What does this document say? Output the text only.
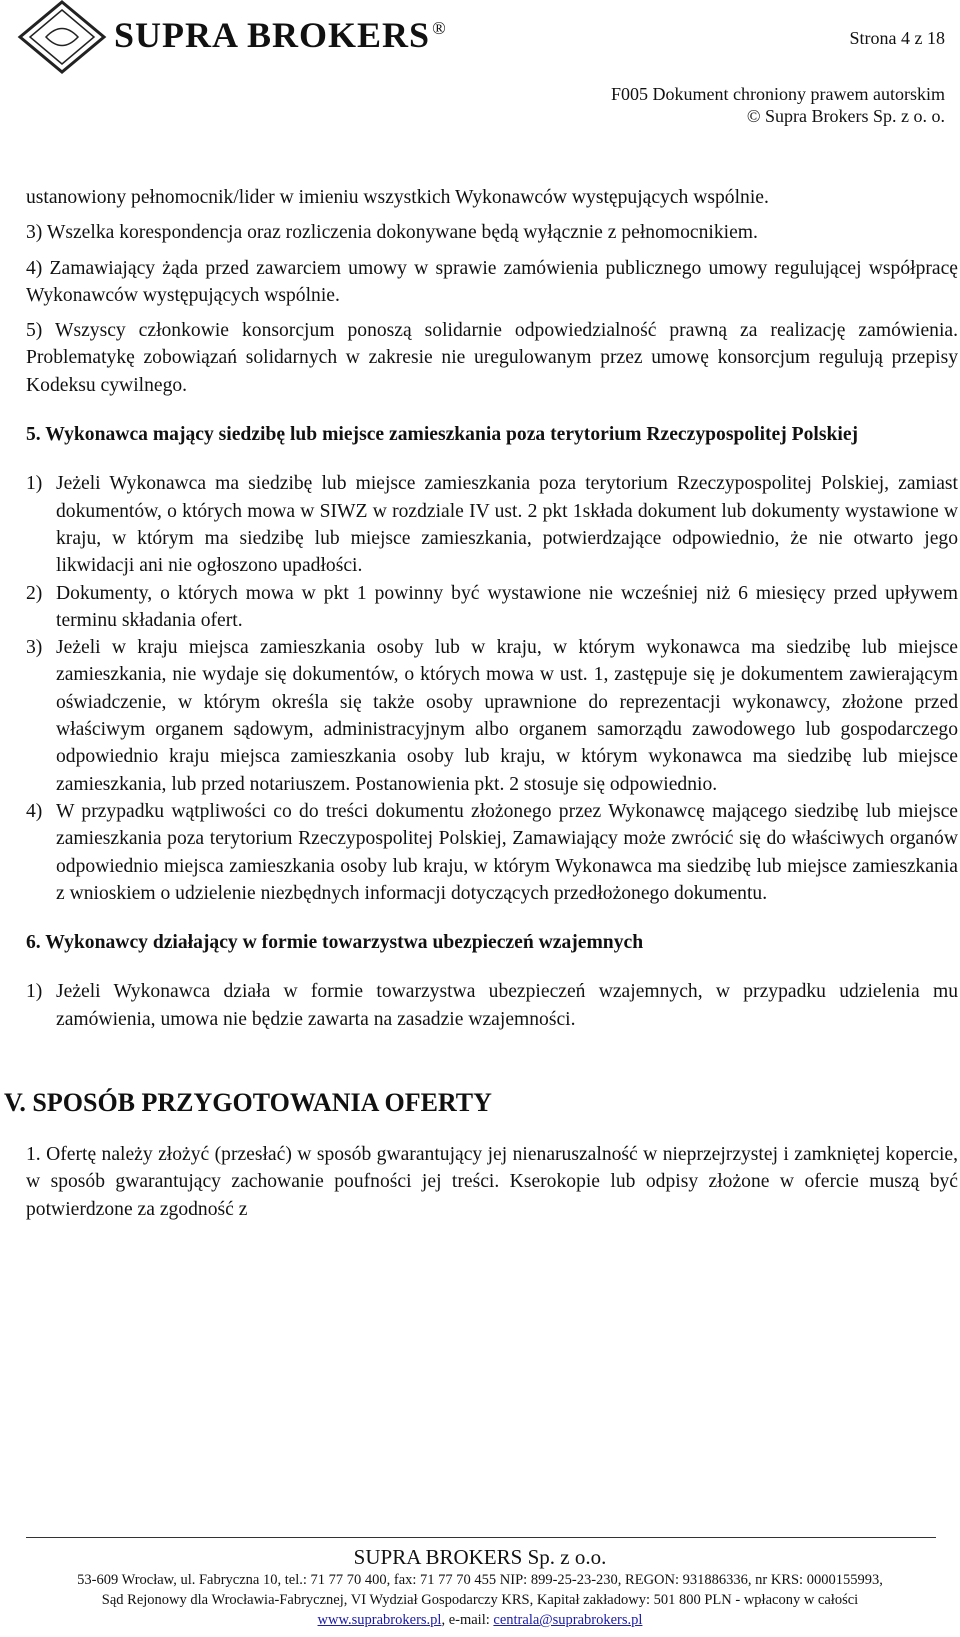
SUPRA BROKERS ®	Strona 4 z 18
F005 Dokument chroniony prawem autorskim
© Supra Brokers Sp. z o. o.

ustanowiony pełnomocnik/lider w imieniu wszystkich Wykonawców występujących wspólnie.

3) Wszelka korespondencja oraz rozliczenia dokonywane będą wyłącznie z pełnomocnikiem.

4) Zamawiający żąda przed zawarciem umowy w sprawie zamówienia publicznego umowy regulującej współpracę Wykonawców występujących wspólnie.

5) Wszyscy członkowie konsorcjum ponoszą solidarnie odpowiedzialność prawną za realizację zamówienia. Problematykę zobowiązań solidarnych w zakresie nie uregulowanym przez umowę konsorcjum regulują przepisy Kodeksu cywilnego.

5. Wykonawca mający siedzibę lub miejsce zamieszkania poza terytorium Rzeczypospolitej Polskiej
1) Jeżeli Wykonawca ma siedzibę lub miejsce zamieszkania poza terytorium Rzeczypospolitej Polskiej, zamiast dokumentów, o których mowa w SIWZ w rozdziale IV ust. 2 pkt 1składa dokument lub dokumenty wystawione w kraju, w którym ma siedzibę lub miejsce zamieszkania, potwierdzające odpowiednio, że nie otwarto jego likwidacji ani nie ogłoszono upadłości.
2) Dokumenty, o których mowa w pkt 1 powinny być wystawione nie wcześniej niż 6 miesięcy przed upływem terminu składania ofert.
3) Jeżeli w kraju miejsca zamieszkania osoby lub w kraju, w którym wykonawca ma siedzibę lub miejsce zamieszkania, nie wydaje się dokumentów, o których mowa w ust. 1, zastępuje się je dokumentem zawierającym oświadczenie, w którym określa się także osoby uprawnione do reprezentacji wykonawcy, złożone przed właściwym organem sądowym, administracyjnym albo organem samorządu zawodowego lub gospodarczego odpowiednio kraju miejsca zamieszkania osoby lub kraju, w którym wykonawca ma siedzibę lub miejsce zamieszkania, lub przed notariuszem. Postanowienia pkt. 2 stosuje się odpowiednio.
4) W przypadku wątpliwości co do treści dokumentu złożonego przez Wykonawcę mającego siedzibę lub miejsce zamieszkania poza terytorium Rzeczypospolitej Polskiej, Zamawiający może zwrócić się do właściwych organów odpowiednio miejsca zamieszkania osoby lub kraju, w którym Wykonawca ma siedzibę lub miejsce zamieszkania z wnioskiem o udzielenie niezbędnych informacji dotyczących przedłożonego dokumentu.
6. Wykonawcy działający w formie towarzystwa ubezpieczeń wzajemnych
1) Jeżeli Wykonawca działa w formie towarzystwa ubezpieczeń wzajemnych, w przypadku udzielenia mu zamówienia, umowa nie będzie zawarta na zasadzie wzajemności.
V. SPOSÓB PRZYGOTOWANIA OFERTY

1. Ofertę należy złożyć (przesłać) w sposób gwarantujący jej nienaruszalność w nieprzejrzystej i zamkniętej kopercie, w sposób gwarantujący zachowanie poufności jej treści. Kserokopie lub odpisy złożone w ofercie muszą być potwierdzone za zgodność z

SUPRA BROKERS Sp. z o.o.
53-609 Wrocław, ul. Fabryczna 10, tel.: 71 77 70 400, fax: 71 77 70 455 NIP: 899-25-23-230, REGON: 931886336, nr KRS: 0000155993,
Sąd Rejonowy dla Wrocławia-Fabrycznej, VI Wydział Gospodarczy KRS, Kapitał zakładowy: 501 800 PLN - wpłacony w całości
www.suprabrokers.pl, e-mail: centrala@suprabrokers.pl
